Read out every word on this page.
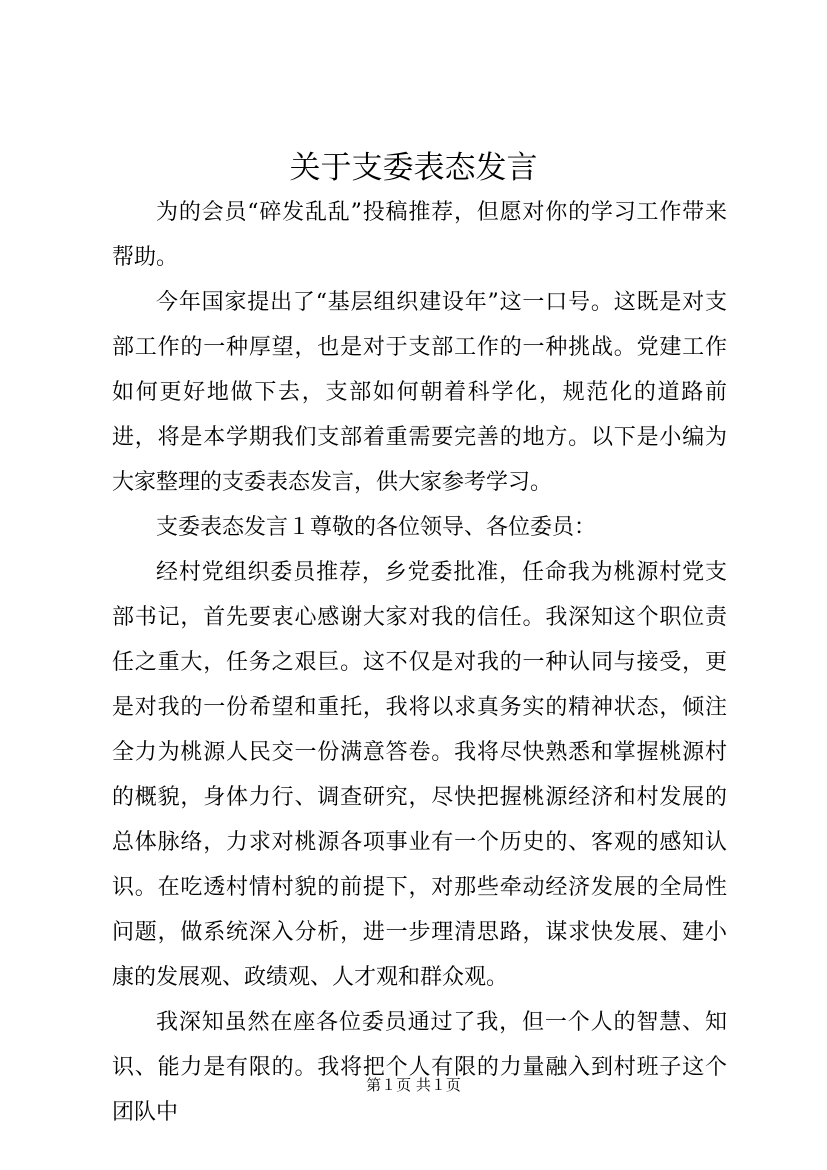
关于支委表态发言

为的会员“碎发乱乱”投稿推荐，但愿对你的学习工作带来帮助。

今年国家提出了“基层组织建设年”这一口号。这既是对支部工作的一种厚望，也是对于支部工作的一种挑战。党建工作如何更好地做下去，支部如何朝着科学化，规范化的道路前进，将是本学期我们支部着重需要完善的地方。以下是小编为大家整理的支委表态发言，供大家参考学习。

支委表态发言１尊敬的各位领导、各位委员：

经村党组织委员推荐，乡党委批准，任命我为桃源村党支部书记，首先要衷心感谢大家对我的信任。我深知这个职位责任之重大，任务之艰巨。这不仅是对我的一种认同与接受，更是对我的一份希望和重托，我将以求真务实的精神状态，倾注全力为桃源人民交一份满意答卷。我将尽快熟悉和掌握桃源村的概貌，身体力行、调查研究，尽快把握桃源经济和村发展的总体脉络，力求对桃源各项事业有一个历史的、客观的感知认识。在吃透村情村貌的前提下，对那些牵动经济发展的全局性问题，做系统深入分析，进一步理清思路，谋求快发展、建小康的发展观、政绩观、人才观和群众观。

我深知虽然在座各位委员通过了我，但一个人的智慧、知识、能力是有限的。我将把个人有限的力量融入到村班子这个团队中

第１页 共１页
